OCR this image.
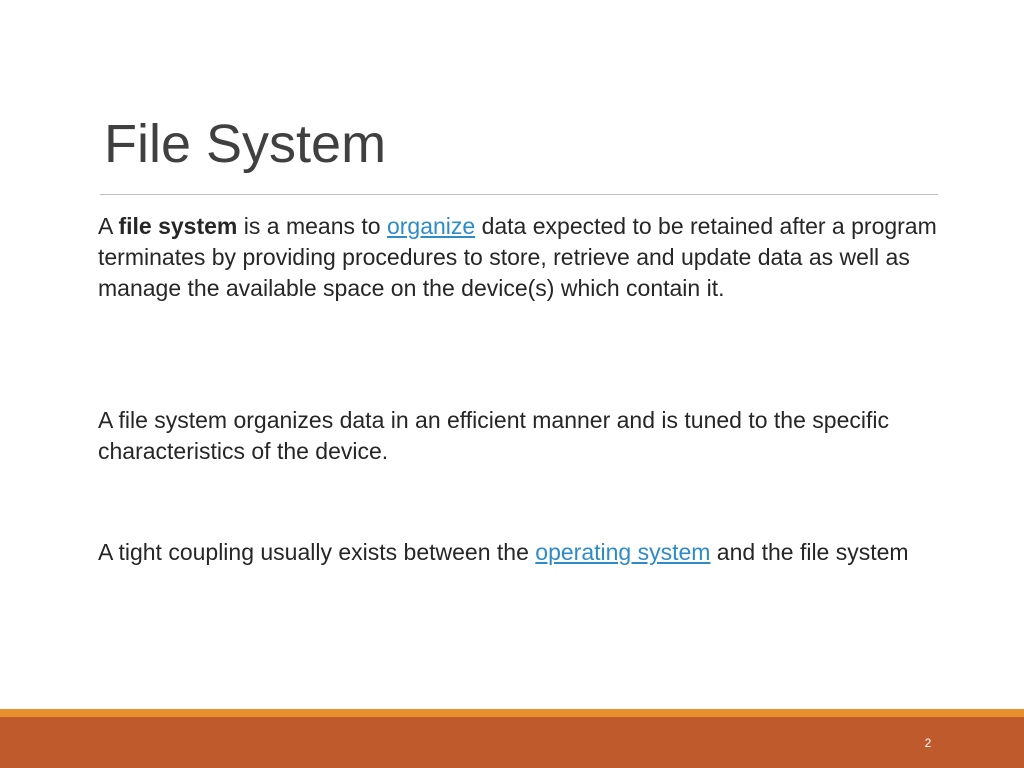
File System

A file system is a means to organize data expected to be retained after a program terminates by providing procedures to store, retrieve and update data as well as manage the available space on the device(s) which contain it.

A file system organizes data in an efficient manner and is tuned to the specific characteristics of the device.

A tight coupling usually exists between the operating system and the file system

2
